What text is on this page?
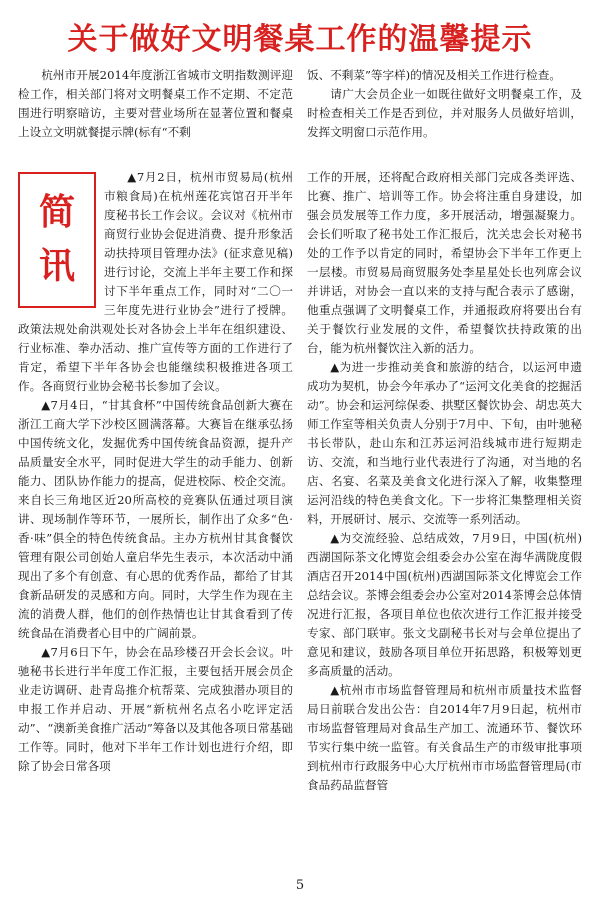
关于做好文明餐桌工作的温馨提示

杭州市开展2014年度浙江省城市文明指数测评迎检工作，相关部门将对文明餐桌工作不定期、不定范围进行明察暗访，主要对营业场所在显著位置和餐桌上设立文明就餐提示牌(标有“不剩

饭、不剩菜”等字样)的情况及相关工作进行检查。

请广大会员企业一如既往做好文明餐桌工作，及时检查相关工作是否到位，并对服务人员做好培训，发挥文明窗口示范作用。

简
讯

▲7月2日，杭州市贸易局(杭州市粮食局)在杭州莲花宾馆召开半年度秘书长工作会议。会议对《杭州市商贸行业协会促进消费、提升形象活动扶持项目管理办法》(征求意见稿)进行讨论，交流上半年主要工作和探讨下半年重点工作，同时对“二〇一三年度先进行业协会”进行了授牌。政策法规处俞洪观处长对各协会上半年在组织建设、行业标准、拳办活动、推广宣传等方面的工作进行了肯定，希望下半年各协会也能继续积极推进各项工作。各商贸行业协会秘书长参加了会议。

▲7月4日，“甘其食杯”中国传统食品创新大赛在浙江工商大学下沙校区圆满落幕。大赛旨在继承弘扬中国传统文化，发掘优秀中国传统食品资源，提升产品质量安全水平，同时促进大学生的动手能力、创新能力、团队协作能力的提高，促进校际、校企交流。来自长三角地区近20所高校的竞赛队伍通过项目演讲、现场制作等环节，一展所长，制作出了众多“色·香·味”俱全的特色传统食品。主办方杭州甘其食餐饮管理有限公司创始人童启华先生表示，本次活动中涌现出了多个有创意、有心思的优秀作品，都给了甘其食新品研发的灵感和方向。同时，大学生作为现在主流的消费人群，他们的创作热情也让甘其食看到了传统食品在消费者心目中的广阔前景。

▲7月6日下午，协会在品珍楼召开会长会议。叶驰秘书长进行半年度工作汇报，主要包括开展会员企业走访调研、赴青岛推介杭帮菜、完成独潜办项目的申报工作并启动、开展“新杭州名点名小吃评定活动”、“澳新美食推广活动”筹备以及其他各项日常基础工作等。同时，他对下半年工作计划也进行介绍，即除了协会日常各项

工作的开展，还将配合政府相关部门完成各类评选、比赛、推广、培训等工作。协会将注重自身建设，加强会员发展等工作力度，多开展活动，增强凝聚力。会长们听取了秘书处工作汇报后，沈关忠会长对秘书处的工作予以肯定的同时，希望协会下半年工作更上一层楼。市贸易局商贸服务处李星星处长也列席会议并讲话，对协会一直以来的支持与配合表示了感谢，他重点强调了文明餐桌工作，并通报政府将要出台有关于餐饮行业发展的文件，希望餐饮扶持政策的出台，能为杭州餐饮注入新的活力。

▲为进一步推动美食和旅游的结合，以运河申遗成功为契机，协会今年承办了“运河文化美食的挖掘活动”。协会和运河综保委、拱墅区餐饮协会、胡忠英大师工作室等相关负责人分别于7月中、下旬，由叶驰秘书长带队，赴山东和江苏运河沿线城市进行短期走访、交流，和当地行业代表进行了沟通，对当地的名店、名宴、名菜及美食文化进行深入了解，收集整理运河沿线的特色美食文化。下一步将汇集整理相关资料，开展研讨、展示、交流等一系列活动。

▲为交流经验、总结成效，7月9日，中国(杭州)西湖国际茶文化博览会组委会办公室在海华满陇度假酒店召开2014中国(杭州)西湖国际茶文化博览会工作总结会议。茶博会组委会办公室对2014茶博会总体情况进行汇报，各项目单位也依次进行工作汇报并接受专家、部门联审。张文戈副秘书长对与会单位提出了意见和建议，鼓励各项目单位开拓思路，积极筹划更多高质量的活动。

▲杭州市市场监督管理局和杭州市质量技术监督局日前联合发出公告：自2014年7月9日起，杭州市市场监督管理局对食品生产加工、流通环节、餐饮环节实行集中统一监管。有关食品生产的市级审批事项到杭州市行政服务中心大厅杭州市市场监督管理局(市食品药品监督管

5
